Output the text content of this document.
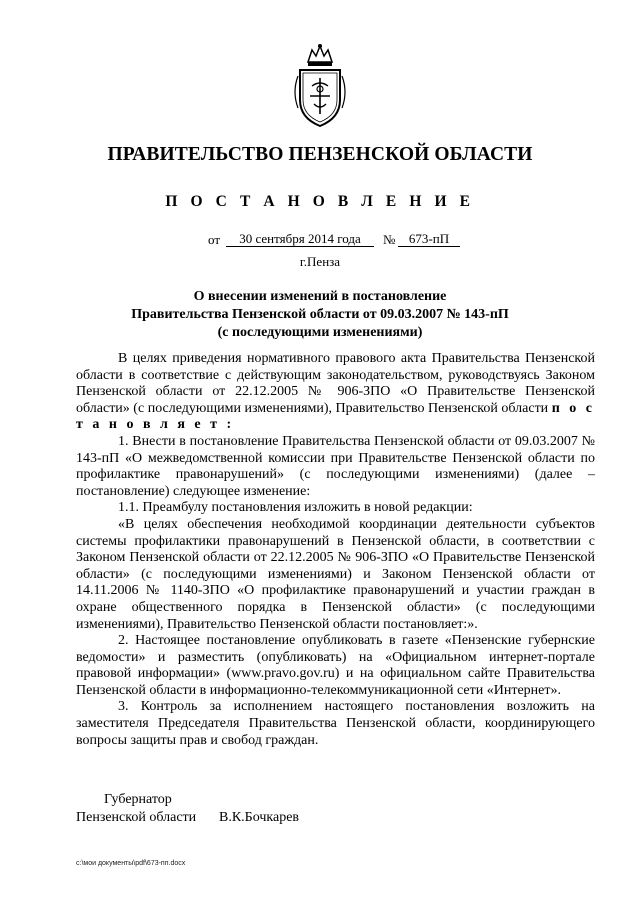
ПРАВИТЕЛЬСТВО ПЕНЗЕНСКОЙ ОБЛАСТИ
П О С Т А Н О В Л Е Н И Е
от	30 сентября 2014 года	№	673-пП
г.Пенза
О внесении изменений в постановление
Правительства Пензенской области от 09.03.2007 № 143-пП
(с последующими изменениями)

В целях приведения нормативного правового акта Правительства Пензенской области в соответствие с действующим законодательством, руководствуясь Законом Пензенской области от 22.12.2005 № 906-ЗПО «О Правительстве Пензенской области» (с последующими изменениями), Правительство Пензенской области п о с т а н о в л я е т :

1. Внести в постановление Правительства Пензенской области от 09.03.2007 № 143-пП «О межведомственной комиссии при Правительстве Пензенской области по профилактике правонарушений» (с последующими изменениями) (далее – постановление) следующее изменение:

1.1. Преамбулу постановления изложить в новой редакции:

«В целях обеспечения необходимой координации деятельности субъектов системы профилактики правонарушений в Пензенской области, в соответствии с Законом Пензенской области от 22.12.2005 № 906-ЗПО «О Правительстве Пензенской области» (с последующими изменениями) и Законом Пензенской области от 14.11.2006 № 1140-ЗПО «О профилактике правонарушений и участии граждан в охране общественного порядка в Пензенской области» (с последующими изменениями), Правительство Пензенской области постановляет:».

2. Настоящее постановление опубликовать в газете «Пензенские губернские ведомости» и разместить (опубликовать) на «Официальном интернет-портале правовой информации» (www.pravo.gov.ru) и на официальном сайте Правительства Пензенской области в информационно-телекоммуникационной сети «Интернет».

3. Контроль за исполнением настоящего постановления возложить на заместителя Председателя Правительства Пензенской области, координирующего вопросы защиты прав и свобод граждан.

Губернатор
Пензенской области В.К.Бочкарев
c:\мои документы\pdf\673-пп.docx
